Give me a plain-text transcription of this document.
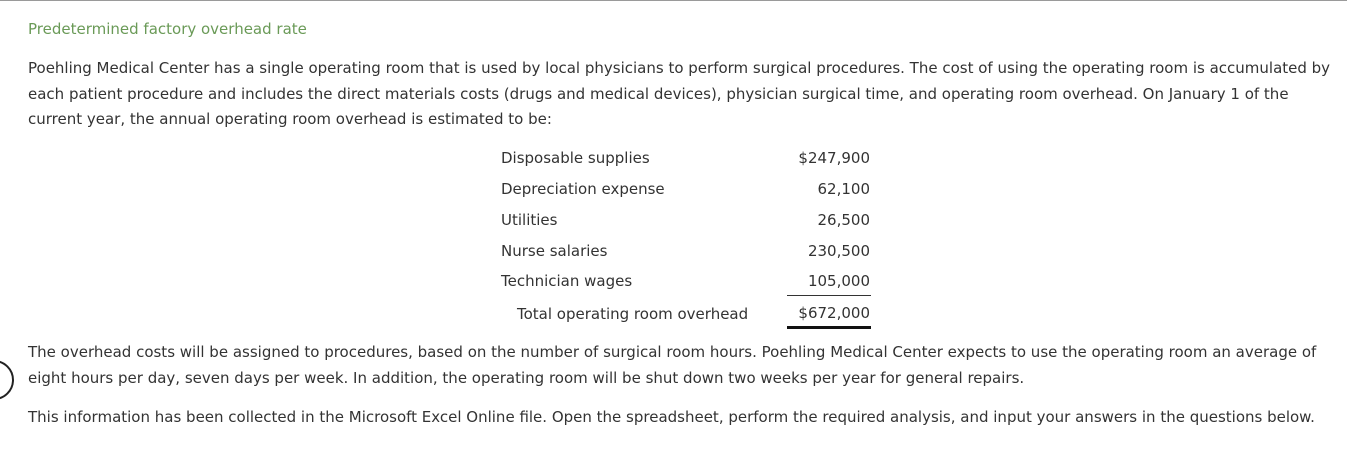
Predetermined factory overhead rate
Poehling Medical Center has a single operating room that is used by local physicians to perform surgical procedures. The cost of using the operating room is accumulated by each patient procedure and includes the direct materials costs (drugs and medical devices), physician surgical time, and operating room overhead. On January 1 of the current year, the annual operating room overhead is estimated to be:
Disposable supplies	$247,900
Depreciation expense	62,100
Utilities	26,500
Nurse salaries	230,500
Technician wages	105,000
Total operating room overhead	$672,000
The overhead costs will be assigned to procedures, based on the number of surgical room hours. Poehling Medical Center expects to use the operating room an average of eight hours per day, seven days per week. In addition, the operating room will be shut down two weeks per year for general repairs.
This information has been collected in the Microsoft Excel Online file. Open the spreadsheet, perform the required analysis, and input your answers in the questions below.
